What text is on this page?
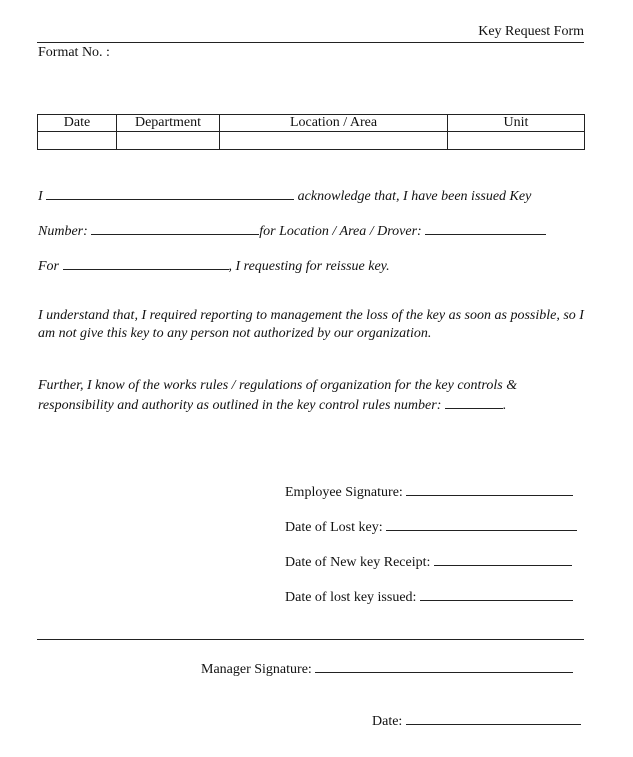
Key Request Form
Format No. :
Date	Department	Location / Area	Unit

I	acknowledge that, I have been issued Key
Number:	for Location / Area / Drover:
For	, I requesting for reissue key.
I understand that, I required reporting to management the loss of the key as soon as possible, so I am not give this key to any person not authorized by our organization.
Further, I know of the works rules / regulations of organization for the key controls & responsibility and authority as outlined in the key control rules number:	.
Employee Signature:
Date of Lost key:
Date of New key Receipt:
Date of lost key issued:
Manager Signature:
Date:
